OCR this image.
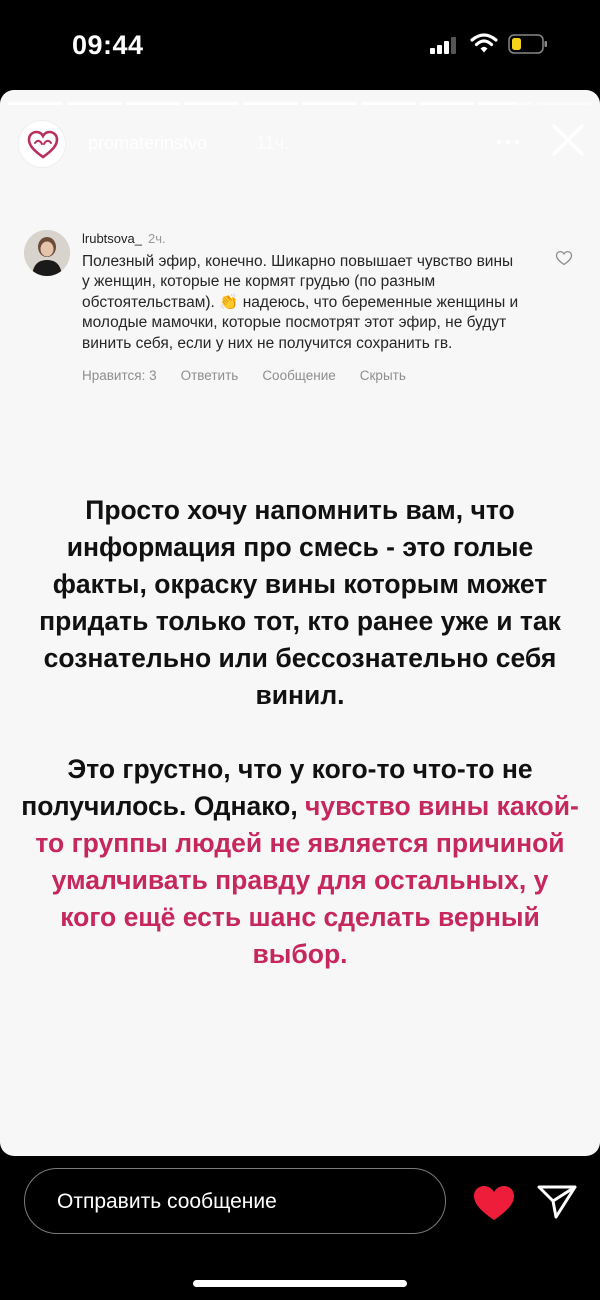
09:44
promaterinstvo	11ч.
lrubtsova_ 2ч.
Полезный эфир, конечно. Шикарно повышает чувство вины у женщин, которые не кормят грудью (по разным обстоятельствам). 👏 надеюсь, что беременные женщины и молодые мамочки, которые посмотрят этот эфир, не будут винить себя, если у них не получится сохранить гв.
Нравится: 3 Ответить Сообщение Скрыть

Просто хочу напомнить вам, что информация про смесь - это голые факты, окраску вины которым может придать только тот, кто ранее уже и так сознательно или бессознательно себя винил.

Это грустно, что у кого-то что-то не получилось. Однако, чувство вины какой-то группы людей не является причиной умалчивать правду для остальных, у кого ещё есть шанс сделать верный выбор.

Отправить сообщение
